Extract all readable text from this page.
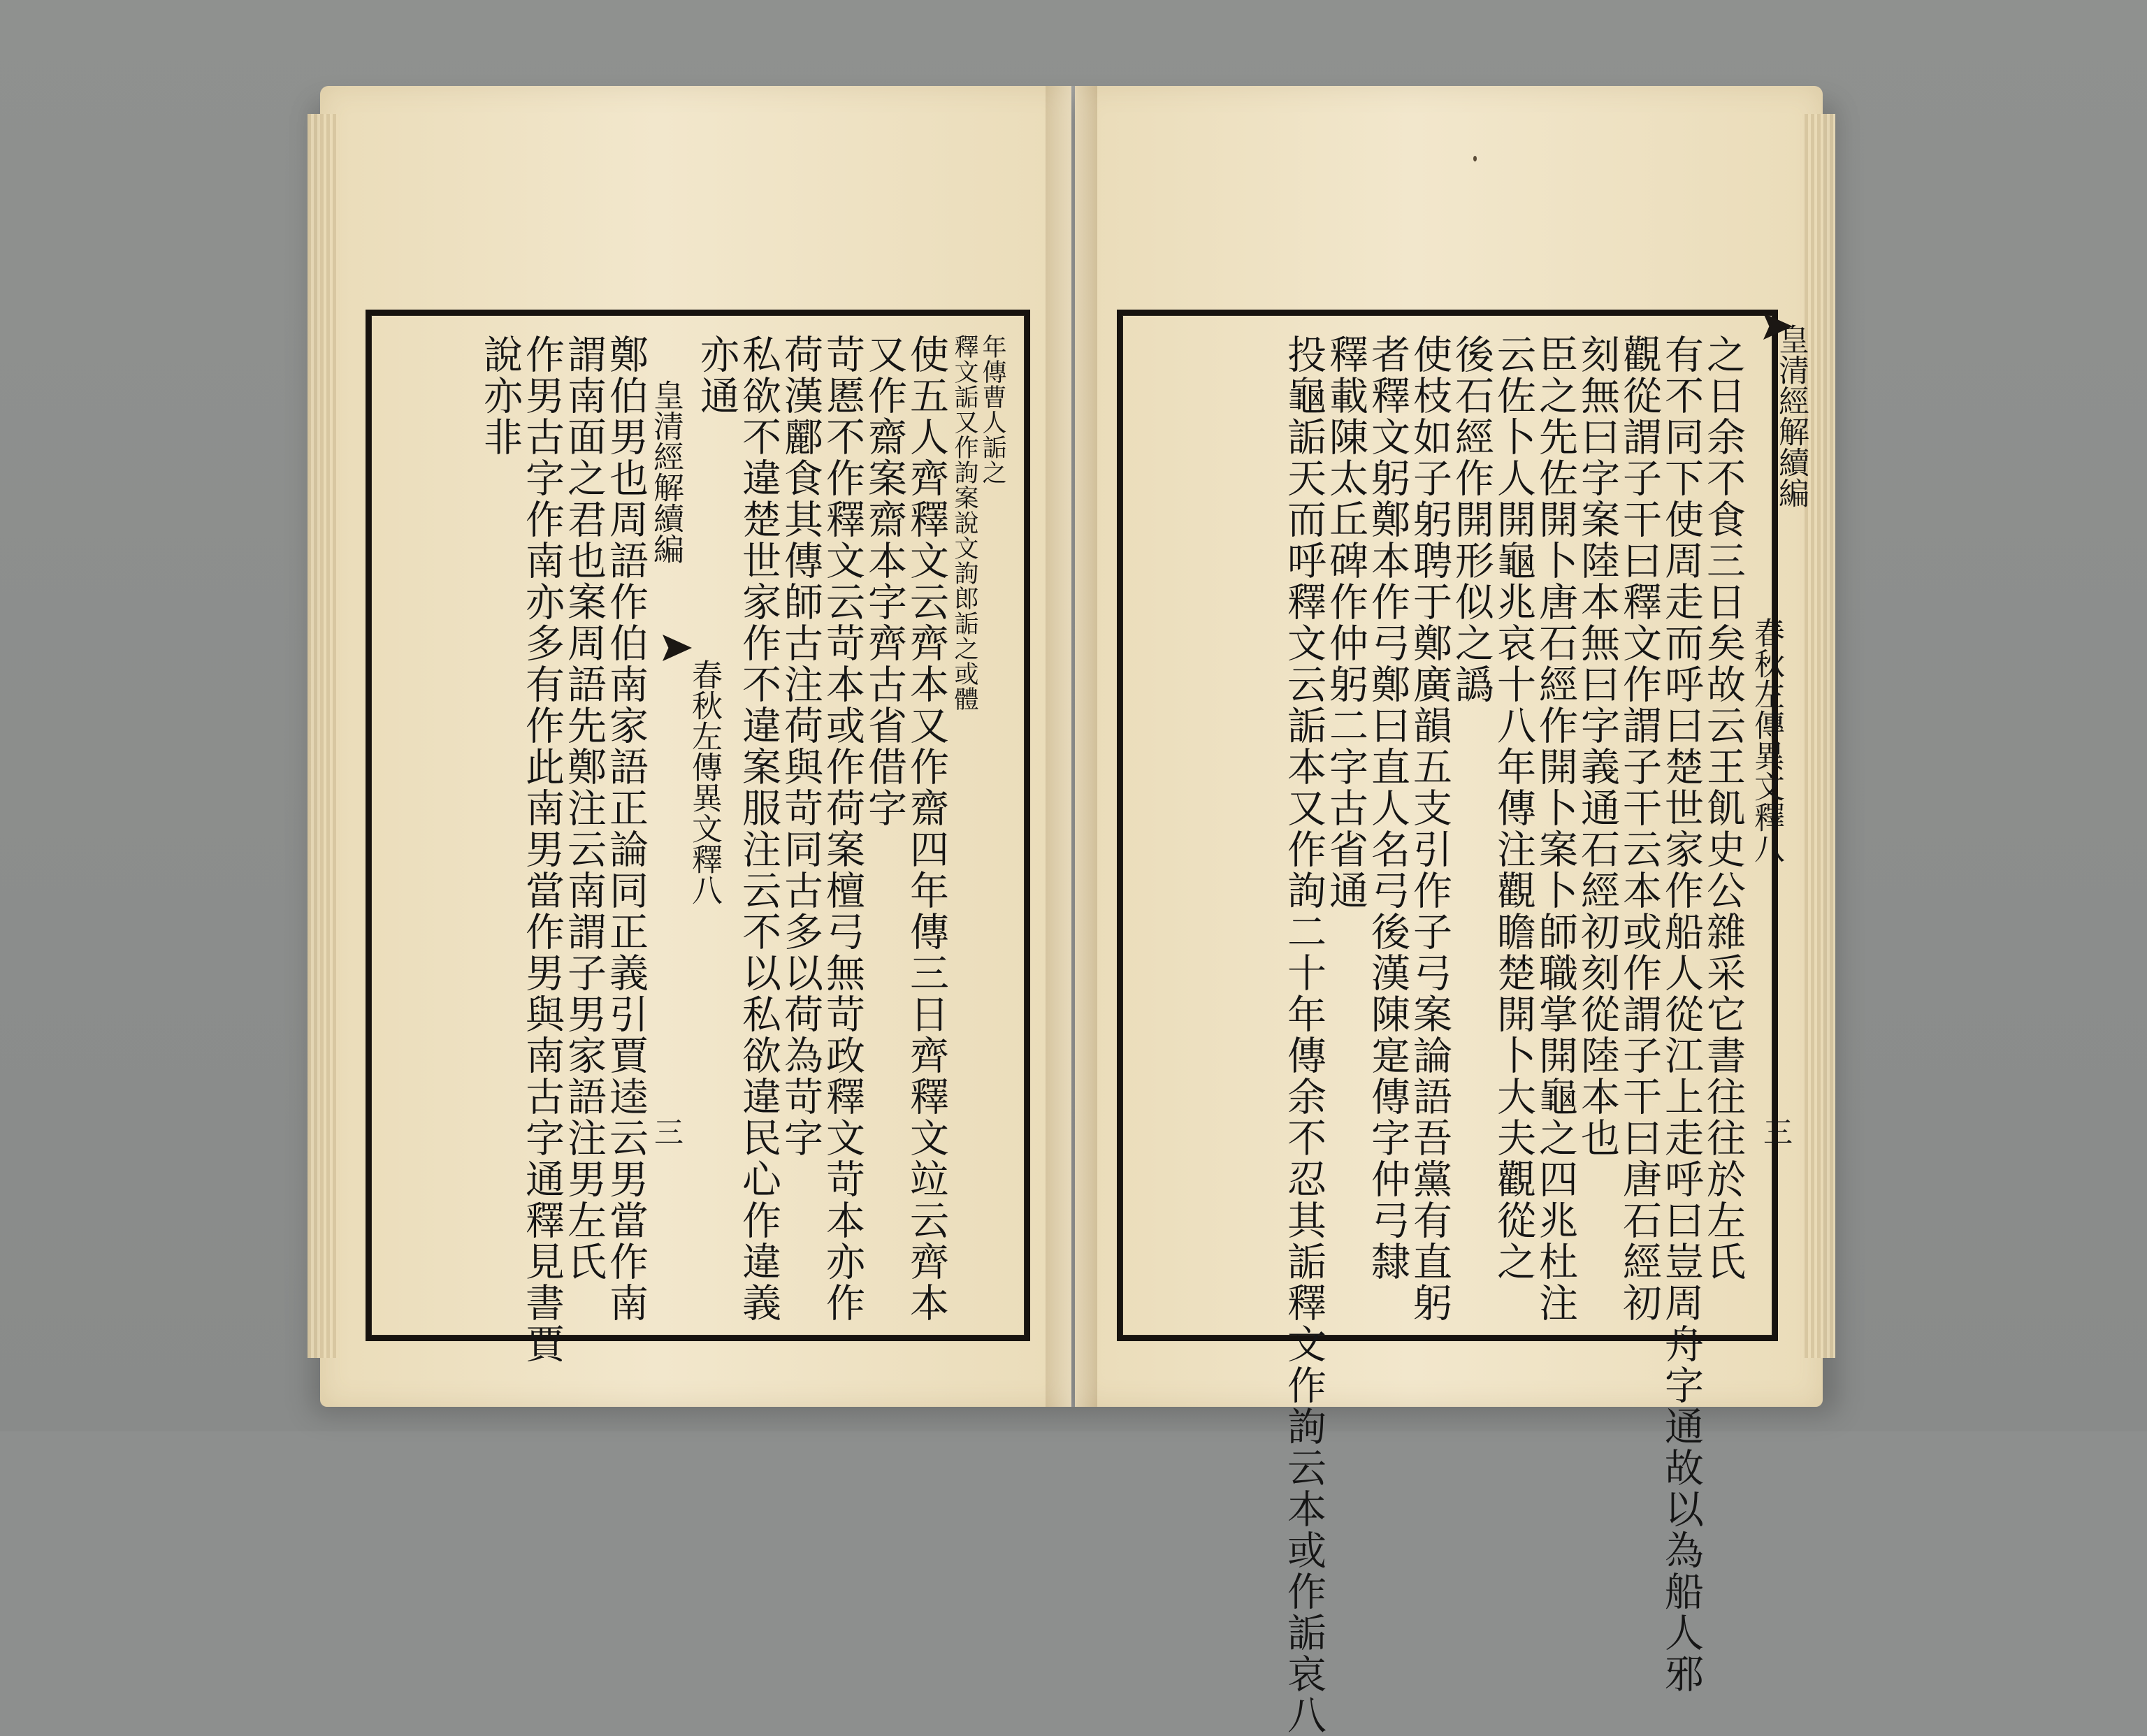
皇清經解續編
春秋左傳異文釋八
三
年傳曹人詬之
釋文詬又作訽案說文訽郎詬之或體
使五人齊釋文云齊本又作齋四年傳三日齊釋文竝云齊本
又作齋案齋本字齊古省借字
苛慝不作釋文云苛本或作荷案檀弓無苛政釋文苛本亦作
荷漢酈食其傳師古注荷與苛同古多以荷為苛字
私欲不違楚世家作不違案服注云不以私欲違民心作違義
亦通
鄭伯男也周語作伯南家語正論同正義引賈逵云男當作南
謂南面之君也案周語先鄭注云南謂子男家語注男左氏
作男古字作南亦多有作此南男當作男與南古字通釋見書賈
說亦非
　　　　　　　　　　　	皇清經解續編
春秋左傳異文釋八
三
之日余不食三日矣故云王飢史公雜采它書往往於左氏
有不同下使周走而呼曰楚世家作船人從江上走呼曰豈周舟字通故以為船人邪
觀從謂子干曰釋文作謂子干云本或作謂子干曰唐石經初
刻無曰字案陸本無曰字義通石經初刻從陸本也
臣之先佐開卜唐石經作開卜案卜師職掌開龜之四兆杜注
云佐卜人開龜兆哀十八年傳注觀瞻楚開卜大夫觀從之
後石經作開形似之譌
使枝如子躬聘于鄭廣韻五支引作子弓案論語吾黨有直躬
者釋文躬鄭本作弓鄭曰直人名弓後漢陳寔傳字仲弓隸
釋載陳太丘碑作仲躬二字古省通
投龜詬天而呼釋文云詬本又作訽二十年傳余不忍其詬釋文作訽云本或作詬哀八
